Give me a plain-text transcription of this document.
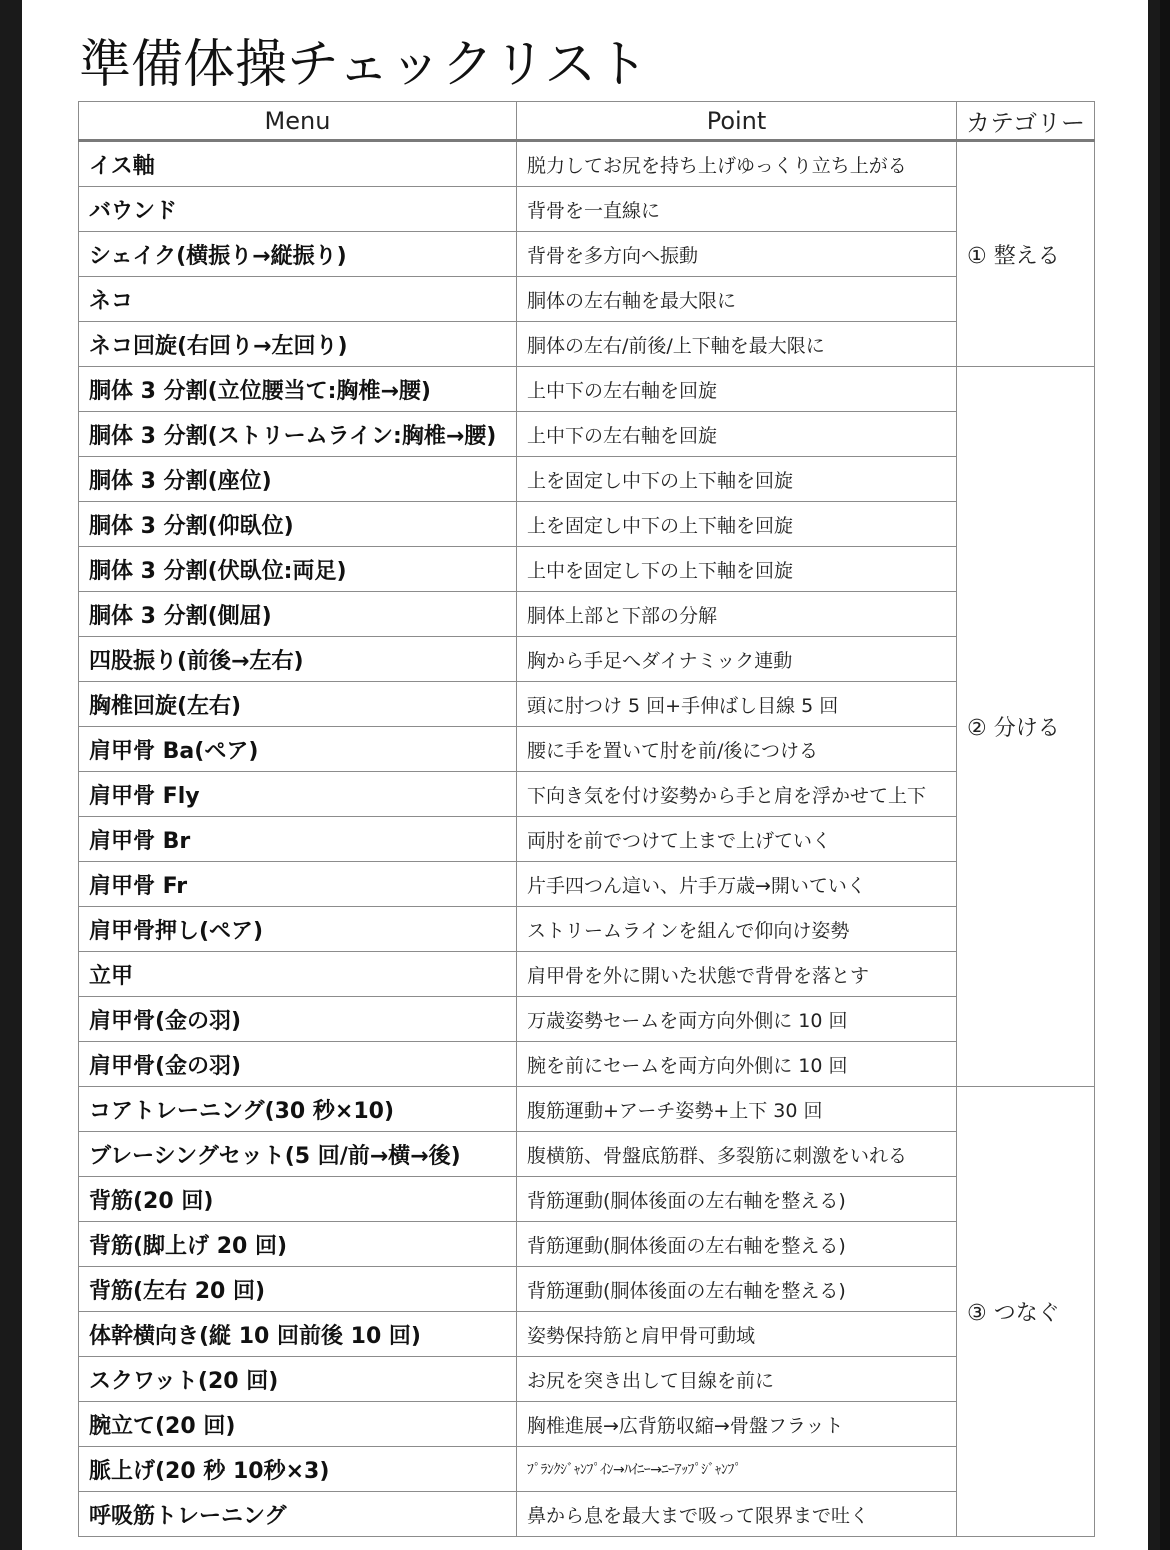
準備体操チェックリスト
Menu	Point	カテゴリー
イス軸	脱力してお尻を持ち上げゆっくり立ち上がる	① 整える
バウンド	背骨を一直線に	
シェイク(横振り→縦振り)	背骨を多方向へ振動	
ネコ	胴体の左右軸を最大限に	
ネコ回旋(右回り→左回り)	胴体の左右/前後/上下軸を最大限に	
胴体 3 分割(立位腰当て:胸椎→腰)	上中下の左右軸を回旋	② 分ける
胴体 3 分割(ストリームライン:胸椎→腰)	上中下の左右軸を回旋	
胴体 3 分割(座位)	上を固定し中下の上下軸を回旋	
胴体 3 分割(仰臥位)	上を固定し中下の上下軸を回旋	
胴体 3 分割(伏臥位:両足)	上中を固定し下の上下軸を回旋	
胴体 3 分割(側屈)	胴体上部と下部の分解	
四股振り(前後→左右)	胸から手足へダイナミック連動	
胸椎回旋(左右)	頭に肘つけ 5 回+手伸ばし目線 5 回	
肩甲骨 Ba(ペア)	腰に手を置いて肘を前/後につける	
肩甲骨 Fly	下向き気を付け姿勢から手と肩を浮かせて上下	
肩甲骨 Br	両肘を前でつけて上まで上げていく	
肩甲骨 Fr	片手四つん這い、片手万歳→開いていく	
肩甲骨押し(ペア)	ストリームラインを組んで仰向け姿勢	
立甲	肩甲骨を外に開いた状態で背骨を落とす	
肩甲骨(金の羽)	万歳姿勢セームを両方向外側に 10 回	
肩甲骨(金の羽)	腕を前にセームを両方向外側に 10 回	
コアトレーニング(30 秒×10)	腹筋運動+アーチ姿勢+上下 30 回	③ つなぐ
ブレーシングセット(5 回/前→横→後)	腹横筋、骨盤底筋群、多裂筋に刺激をいれる	
背筋(20 回)	背筋運動(胴体後面の左右軸を整える)	
背筋(脚上げ 20 回)	背筋運動(胴体後面の左右軸を整える)	
背筋(左右 20 回)	背筋運動(胴体後面の左右軸を整える)	
体幹横向き(縦 10 回前後 10 回)	姿勢保持筋と肩甲骨可動域	
スクワット(20 回)	お尻を突き出して目線を前に	
腕立て(20 回)	胸椎進展→広背筋収縮→骨盤フラット	
脈上げ(20 秒 10秒×3)	ﾌﾟﾗﾝｸｼﾞｬﾝﾌﾟｲﾝ→ﾊｲﾆｰ→ﾆｰｱｯﾌﾟｼﾞｬﾝﾌﾟ	
呼吸筋トレーニング	鼻から息を最大まで吸って限界まで吐く	
